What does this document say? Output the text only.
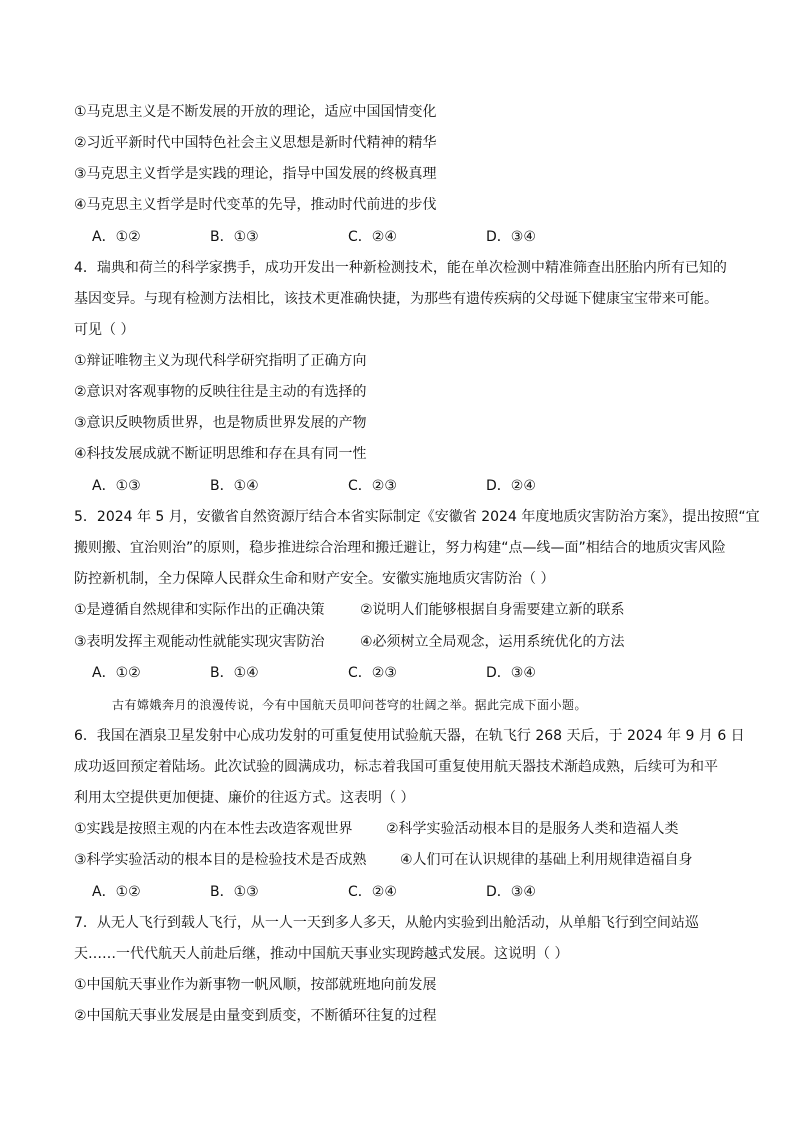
①马克思主义是不断发展的开放的理论，适应中国国情变化
②习近平新时代中国特色社会主义思想是新时代精神的精华
③马克思主义哲学是实践的理论，指导中国发展的终极真理
④马克思主义哲学是时代变革的先导，推动时代前进的步伐
A．①②	B．①③	C．②④	D．③④
4．瑞典和荷兰的科学家携手，成功开发出一种新检测技术，能在单次检测中精准筛查出胚胎内所有已知的
基因变异。与现有检测方法相比，该技术更准确快捷，为那些有遗传疾病的父母诞下健康宝宝带来可能。
可见（ ）
①辩证唯物主义为现代科学研究指明了正确方向
②意识对客观事物的反映往往是主动的有选择的
③意识反映物质世界，也是物质世界发展的产物
④科技发展成就不断证明思维和存在具有同一性
A．①③	B．①④	C．②③	D．②④
5．2024 年 5 月，安徽省自然资源厅结合本省实际制定《安徽省 2024 年度地质灾害防治方案》，提出按照“宜
搬则搬、宜治则治”的原则，稳步推进综合治理和搬迁避让，努力构建“点—线—面”相结合的地质灾害风险
防控新机制，全力保障人民群众生命和财产安全。安徽实施地质灾害防治（ ）
①是遵循自然规律和实际作出的正确决策	②说明人们能够根据自身需要建立新的联系
③表明发挥主观能动性就能实现灾害防治	④必须树立全局观念，运用系统优化的方法
A．①②	B．①④	C．②③	D．③④
古有嫦娥奔月的浪漫传说，今有中国航天员叩问苍穹的壮阔之举。据此完成下面小题。
6．我国在酒泉卫星发射中心成功发射的可重复使用试验航天器，在轨飞行 268 天后，于 2024 年 9 月 6 日
成功返回预定着陆场。此次试验的圆满成功，标志着我国可重复使用航天器技术渐趋成熟，后续可为和平
利用太空提供更加便捷、廉价的往返方式。这表明（ ）
①实践是按照主观的内在本性去改造客观世界 ②科学实验活动根本目的是服务人类和造福人类
③科学实验活动的根本目的是检验技术是否成熟 ④人们可在认识规律的基础上利用规律造福自身
A．①②	B．①③	C．②④	D．③④
7．从无人飞行到载人飞行，从一人一天到多人多天，从舱内实验到出舱活动，从单船飞行到空间站巡
天……一代代航天人前赴后继，推动中国航天事业实现跨越式发展。这说明（ ）
①中国航天事业作为新事物一帆风顺，按部就班地向前发展
②中国航天事业发展是由量变到质变，不断循环往复的过程
